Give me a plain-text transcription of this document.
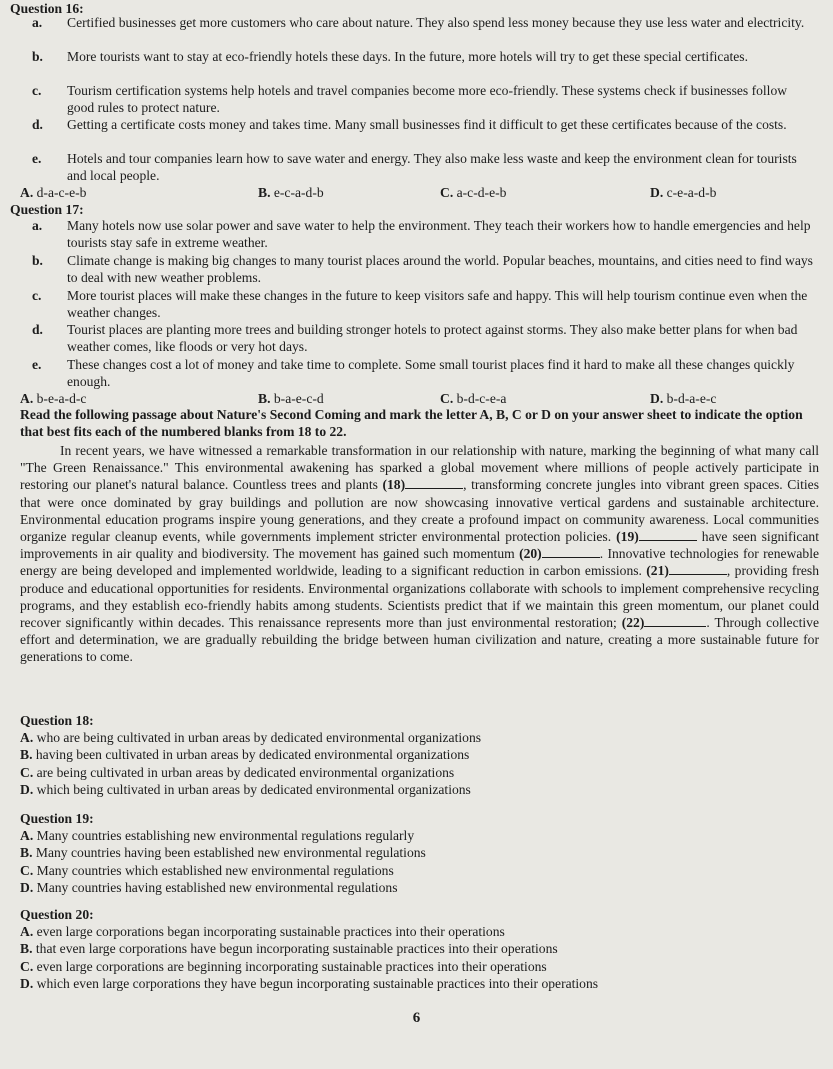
Question 16:
a.	Certified businesses get more customers who care about nature. They also spend less money because they use less water and electricity.
b.	More tourists want to stay at eco-friendly hotels these days. In the future, more hotels will try to get these special certificates.
c.	Tourism certification systems help hotels and travel companies become more eco-friendly. These systems check if businesses follow good rules to protect nature.
d.	Getting a certificate costs money and takes time. Many small businesses find it difficult to get these certificates because of the costs.
e.	Hotels and tour companies learn how to save water and energy. They also make less waste and keep the environment clean for tourists and local people.
A. d-a-c-e-b	B. e-c-a-d-b	C. a-c-d-e-b	D. c-e-a-d-b
Question 17:
a.	Many hotels now use solar power and save water to help the environment. They teach their workers how to handle emergencies and help tourists stay safe in extreme weather.
b.	Climate change is making big changes to many tourist places around the world. Popular beaches, mountains, and cities need to find ways to deal with new weather problems.
c.	More tourist places will make these changes in the future to keep visitors safe and happy. This will help tourism continue even when the weather changes.
d.	Tourist places are planting more trees and building stronger hotels to protect against storms. They also make better plans for when bad weather comes, like floods or very hot days.
e.	These changes cost a lot of money and take time to complete. Some small tourist places find it hard to make all these changes quickly enough.
A. b-e-a-d-c	B. b-a-e-c-d	C. b-d-c-e-a	D. b-d-a-e-c
Read the following passage about Nature's Second Coming and mark the letter A, B, C or D on your answer sheet to indicate the option that best fits each of the numbered blanks from 18 to 22.

In recent years, we have witnessed a remarkable transformation in our relationship with nature, marking the beginning of what many call "The Green Renaissance." This environmental awakening has sparked a global movement where millions of people actively participate in restoring our planet's natural balance. Countless trees and plants (18)	, transforming concrete jungles into vibrant green spaces. Cities that were once dominated by gray buildings and pollution are now showcasing innovative vertical gardens and sustainable architecture. Environmental education programs inspire young generations, and they create a profound impact on community awareness. Local communities organize regular cleanup events, while governments implement stricter environmental protection policies. (19)	have seen significant improvements in air quality and biodiversity. The movement has gained such momentum (20)	. Innovative technologies for renewable energy are being developed and implemented worldwide, leading to a significant reduction in carbon emissions. (21)	, providing fresh produce and educational opportunities for residents. Environmental organizations collaborate with schools to implement comprehensive recycling programs, and they establish eco-friendly habits among students. Scientists predict that if we maintain this green momentum, our planet could recover significantly within decades. This renaissance represents more than just environmental restoration; (22)	. Through collective effort and determination, we are gradually rebuilding the bridge between human civilization and nature, creating a more sustainable future for generations to come.

Question 18:
A. who are being cultivated in urban areas by dedicated environmental organizations
B. having been cultivated in urban areas by dedicated environmental organizations
C. are being cultivated in urban areas by dedicated environmental organizations
D. which being cultivated in urban areas by dedicated environmental organizations
Question 19:
A. Many countries establishing new environmental regulations regularly
B. Many countries having been established new environmental regulations
C. Many countries which established new environmental regulations
D. Many countries having established new environmental regulations
Question 20:
A. even large corporations began incorporating sustainable practices into their operations
B. that even large corporations have begun incorporating sustainable practices into their operations
C. even large corporations are beginning incorporating sustainable practices into their operations
D. which even large corporations they have begun incorporating sustainable practices into their operations
6
